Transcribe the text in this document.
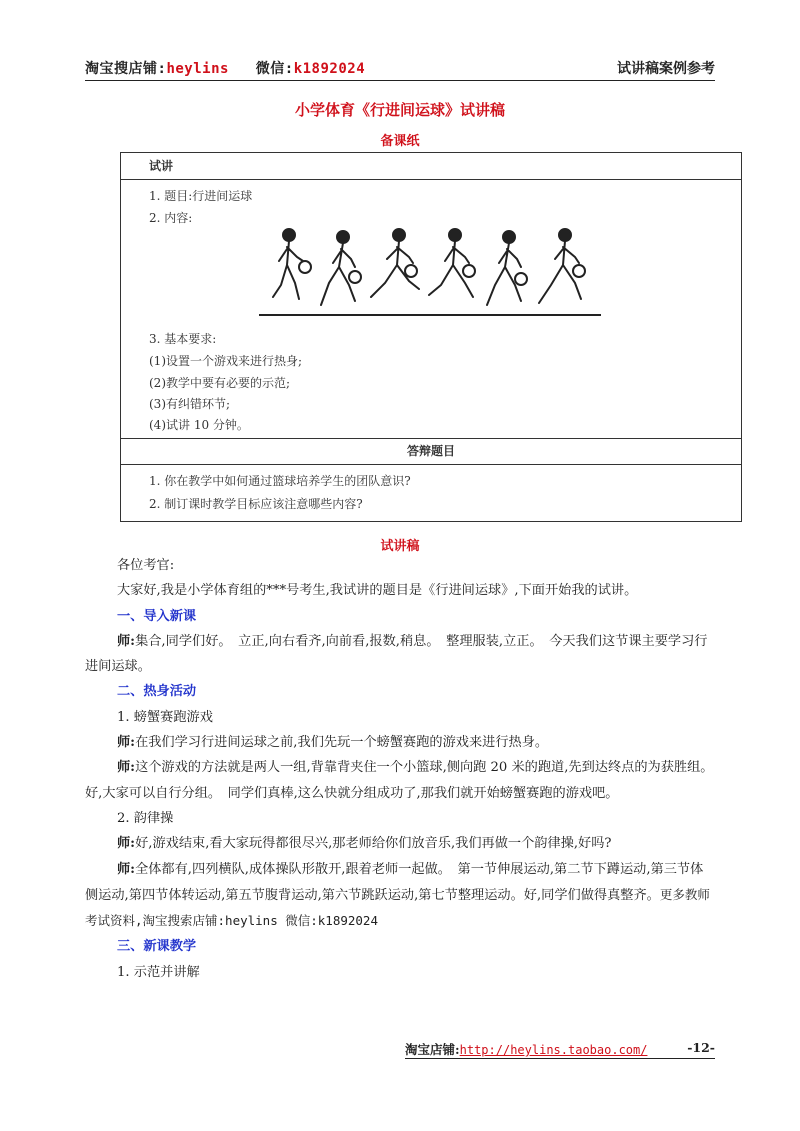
淘宝搜店铺:heylins 微信:k1892024	试讲稿案例参考
小学体育《行进间运球》试讲稿
备课纸
试讲
1. 题目:行进间运球
2. 内容:
3. 基本要求:
(1)设置一个游戏来进行热身;
(2)教学中要有必要的示范;
(3)有纠错环节;
(4)试讲 10 分钟。
答辩题目
1. 你在教学中如何通过篮球培养学生的团队意识?
2. 制订课时教学目标应该注意哪些内容?
试讲稿

各位考官:

大家好,我是小学体育组的***号考生,我试讲的题目是《行进间运球》,下面开始我的试讲。

一、导入新课

师:集合,同学们好。　立正,向右看齐,向前看,报数,稍息。　整理服装,立正。　今天我们这节课主要学习行进间运球。

二、热身活动

1. 螃蟹赛跑游戏

师:在我们学习行进间运球之前,我们先玩一个螃蟹赛跑的游戏来进行热身。

师:这个游戏的方法就是两人一组,背靠背夹住一个小篮球,侧向跑 20 米的跑道,先到达终点的为获胜组。　好,大家可以自行分组。　同学们真棒,这么快就分组成功了,那我们就开始螃蟹赛跑的游戏吧。

2. 韵律操

师:好,游戏结束,看大家玩得都很尽兴,那老师给你们放音乐,我们再做一个韵律操,好吗?

师:全体都有,四列横队,成体操队形散开,跟着老师一起做。　第一节伸展运动,第二节下蹲运动,第三节体侧运动,第四节体转运动,第五节腹背运动,第六节跳跃运动,第七节整理运动。好,同学们做得真整齐。更多教师考试资料,淘宝搜索店铺:heylins 微信:k1892024

三、新课教学

1. 示范并讲解

淘宝店铺:http://heylins.taobao.com/	-12-
